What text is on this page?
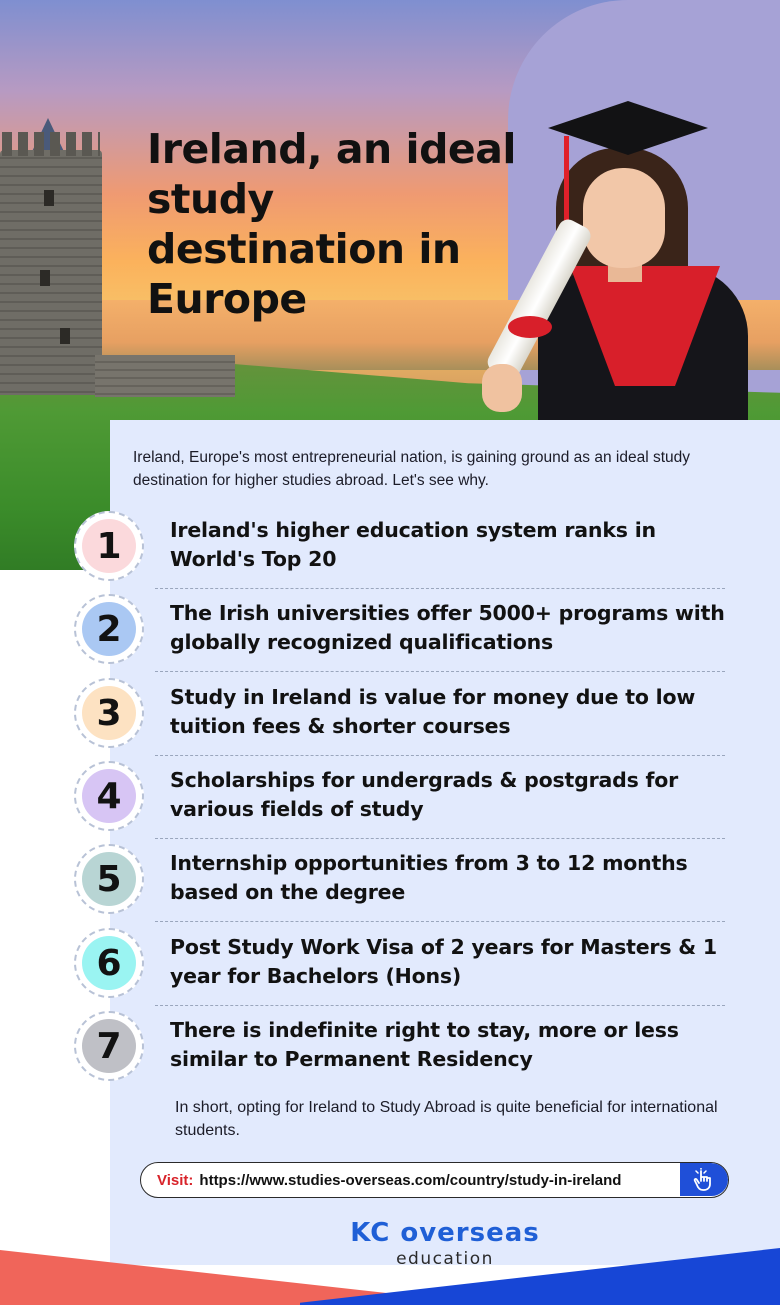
Ireland, an ideal study destination in Europe

Ireland, Europe's most entrepreneurial nation, is gaining ground as an ideal study destination for higher studies abroad. Let's see why.

1	Ireland's higher education system ranks in World's Top 20
2	The Irish universities offer 5000+ programs with globally recognized qualifications
3	Study in Ireland is value for money due to low tuition fees & shorter courses
4	Scholarships for undergrads & postgrads for various fields of study
5	Internship opportunities from 3 to 12 months based on the degree
6	Post Study Work Visa of 2 years for Masters & 1 year for Bachelors (Hons)
7	There is indefinite right to stay, more or less similar to Permanent Residency

In short, opting for Ireland to Study Abroad is quite beneficial for international students.

Visit: https://www.studies-overseas.com/country/study-in-ireland
KC overseas
education
